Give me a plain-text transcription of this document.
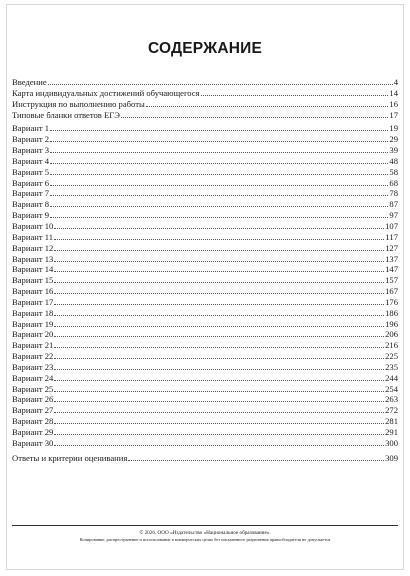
СОДЕРЖАНИЕ
Введение	4
Карта индивидуальных достижений обучающегося	14
Инструкция по выполнению работы	16
Типовые бланки ответов ЕГЭ	17
Вариант 1	19
Вариант 2	29
Вариант 3	39
Вариант 4	48
Вариант 5	58
Вариант 6	68
Вариант 7	78
Вариант 8	87
Вариант 9	97
Вариант 10	107
Вариант 11	117
Вариант 12	127
Вариант 13	137
Вариант 14	147
Вариант 15	157
Вариант 16	167
Вариант 17	176
Вариант 18	186
Вариант 19	196
Вариант 20	206
Вариант 21	216
Вариант 22	225
Вариант 23	235
Вариант 24	244
Вариант 25	254
Вариант 26	263
Вариант 27	272
Вариант 28	281
Вариант 29	291
Вариант 30	300
Ответы и критерии оценивания	309
© 2026. ООО «Издательство «Национальное образование».
Копирование, распространение и использование в коммерческих целях без письменного разрешения правообладателя не допускается
